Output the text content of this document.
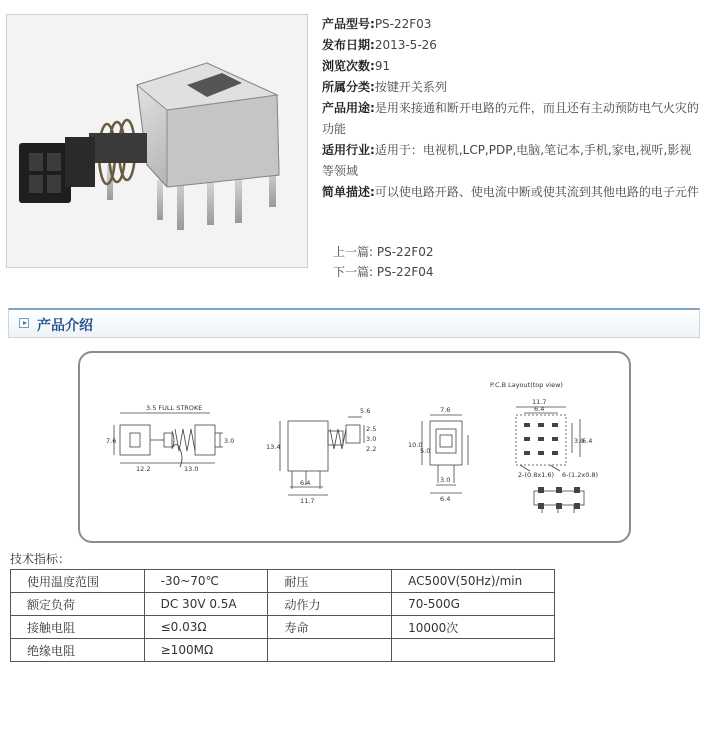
产品型号:PS-22F03

发布日期:2013-5-26

浏览次数:91

所属分类:按键开关系列

产品用途:是用来接通和断开电路的元件，而且还有主动预防电气火灾的功能

适用行业:适用于：电视机,LCP,PDP,电脑,笔记本,手机,家电,视听,影视等领域

简单描述:可以使电路开路、使电流中断或使其流到其他电路的电子元件

上一篇: PS-22F02
下一篇: PS-22F04
产品介绍
3.5 FULL STROKE
P.C.B Layout(top view)
7.6
12.2	13.0
3.0
13.4
5.6
2.5
3.0
2.2
6.4
11.7
7.6
10.0
5.0
3.0
6.4
11.7
6.4
3.0
6.4
2-(0.8x1.6) 6-(1.2x0.8)
技术指标：
使用温度范围	-30~70℃	耐压	AC500V(50Hz)/min
额定负荷	DC 30V 0.5A	动作力	70-500G
接触电阻	≤0.03Ω	寿命	10000次
绝缘电阻	≥100MΩ		
